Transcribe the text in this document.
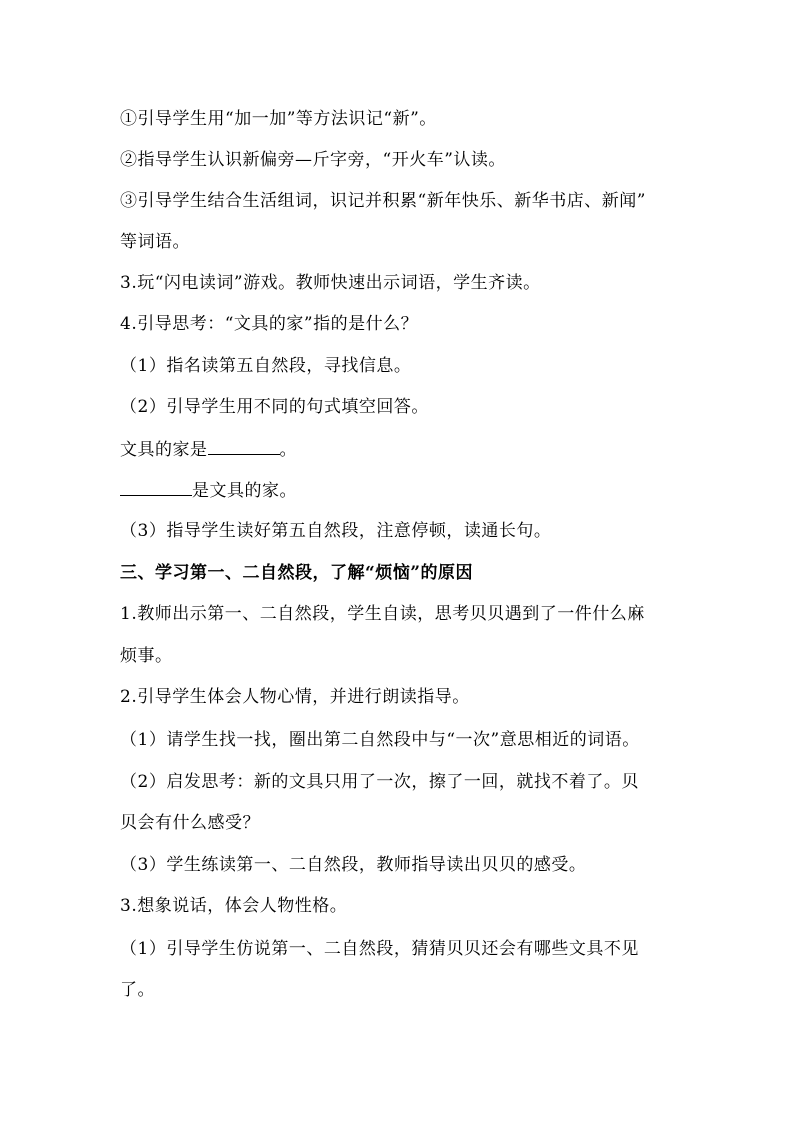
①引导学生用“加一加”等方法识记“新”。
②指导学生认识新偏旁—斤字旁，“开火车”认读。
③引导学生结合生活组词，识记并积累“新年快乐、新华书店、新闻”
等词语。
3.玩“闪电读词”游戏。教师快速出示词语，学生齐读。
4.引导思考：“文具的家”指的是什么？
（1）指名读第五自然段，寻找信息。
（2）引导学生用不同的句式填空回答。
文具的家是	。
是文具的家。
（3）指导学生读好第五自然段，注意停顿，读通长句。
三、学习第一、二自然段，了解“烦恼”的原因
1.教师出示第一、二自然段，学生自读，思考贝贝遇到了一件什么麻
烦事。
2.引导学生体会人物心情，并进行朗读指导。
（1）请学生找一找，圈出第二自然段中与“一次”意思相近的词语。
（2）启发思考：新的文具只用了一次，擦了一回，就找不着了。贝
贝会有什么感受？
（3）学生练读第一、二自然段，教师指导读出贝贝的感受。
3.想象说话，体会人物性格。
（1）引导学生仿说第一、二自然段，猜猜贝贝还会有哪些文具不见
了。
